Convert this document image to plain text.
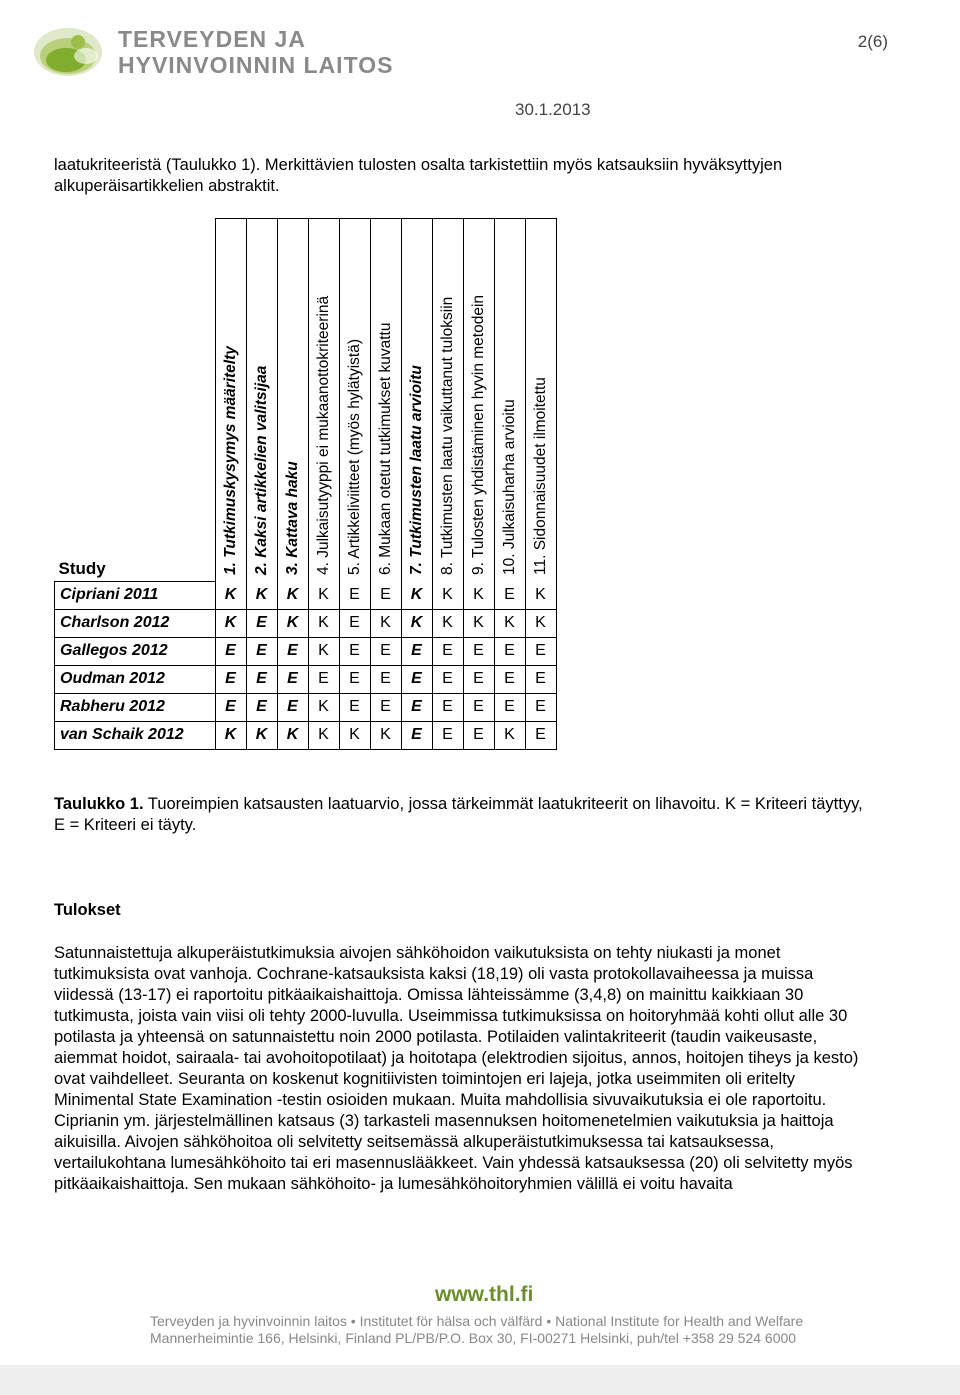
TERVEYDEN JA
HYVINVOINNIN LAITOS
2(6)
30.1.2013
laatukriteeristä (Taulukko 1). Merkittävien tulosten osalta tarkistettiin myös katsauksiin hyväksyttyjen alkuperäisartikkelien abstraktit.
Study	1. Tutkimuskysymys määritelty	2. Kaksi artikkelien valitsijaa	3. Kattava haku	4. Julkaisutyyppi ei mukaanottokriteerinä	5. Artikkeliviitteet (myös hylätyistä)	6. Mukaan otetut tutkimukset kuvattu	7. Tutkimusten laatu arvioitu	8. Tutkimusten laatu vaikuttanut tuloksiin	9. Tulosten yhdistäminen hyvin metodein	10. Julkaisuharha arvioitu	11. Sidonnaisuudet ilmoitettu

Cipriani 2011	K	K	K	K	E	E	K	K	K	E	K
Charlson 2012	K	E	K	K	E	K	K	K	K	K	K
Gallegos 2012	E	E	E	K	E	E	E	E	E	E	E
Oudman 2012	E	E	E	E	E	E	E	E	E	E	E
Rabheru 2012	E	E	E	K	E	E	E	E	E	E	E
van Schaik 2012	K	K	K	K	K	K	E	E	E	K	E
Taulukko 1. Tuoreimpien katsausten laatuarvio, jossa tärkeimmät laatukriteerit on lihavoitu. K = Kriteeri täyttyy, E = Kriteeri ei täyty.
Tulokset
Satunnaistettuja alkuperäistutkimuksia aivojen sähköhoidon vaikutuksista on tehty niukasti ja monet tutkimuksista ovat vanhoja. Cochrane-katsauksista kaksi (18,19) oli vasta protokollavaiheessa ja muissa viidessä (13-17) ei raportoitu pitkäaikaishaittoja. Omissa lähteissämme (3,4,8) on mainittu kaikkiaan 30 tutkimusta, joista vain viisi oli tehty 2000-luvulla. Useimmissa tutkimuksissa on hoitoryhmää kohti ollut alle 30 potilasta ja yhteensä on satunnaistettu noin 2000 potilasta. Potilaiden valintakriteerit (taudin vaikeusaste, aiemmat hoidot, sairaala- tai avohoitopotilaat) ja hoitotapa (elektrodien sijoitus, annos, hoitojen tiheys ja kesto) ovat vaihdelleet. Seuranta on koskenut kognitiivisten toimintojen eri lajeja, jotka useimmiten oli eritelty Minimental State Examination -testin osioiden mukaan. Muita mahdollisia sivuvaikutuksia ei ole raportoitu.
Ciprianin ym. järjestelmällinen katsaus (3) tarkasteli masennuksen hoitomenetelmien vaikutuksia ja haittoja aikuisilla. Aivojen sähköhoitoa oli selvitetty seitsemässä alkuperäistutkimuksessa tai katsauksessa, vertailukohtana lumesähköhoito tai eri masennuslääkkeet. Vain yhdessä katsauksessa (20) oli selvitetty myös pitkäaikaishaittoja. Sen mukaan sähköhoito- ja lumesähköhoitoryhmien välillä ei voitu havaita
www.thl.fi
Terveyden ja hyvinvoinnin laitos • Institutet för hälsa och välfärd • National Institute for Health and Welfare
Mannerheimintie 166, Helsinki, Finland PL/PB/P.O. Box 30, FI-00271 Helsinki, puh/tel +358 29 524 6000
